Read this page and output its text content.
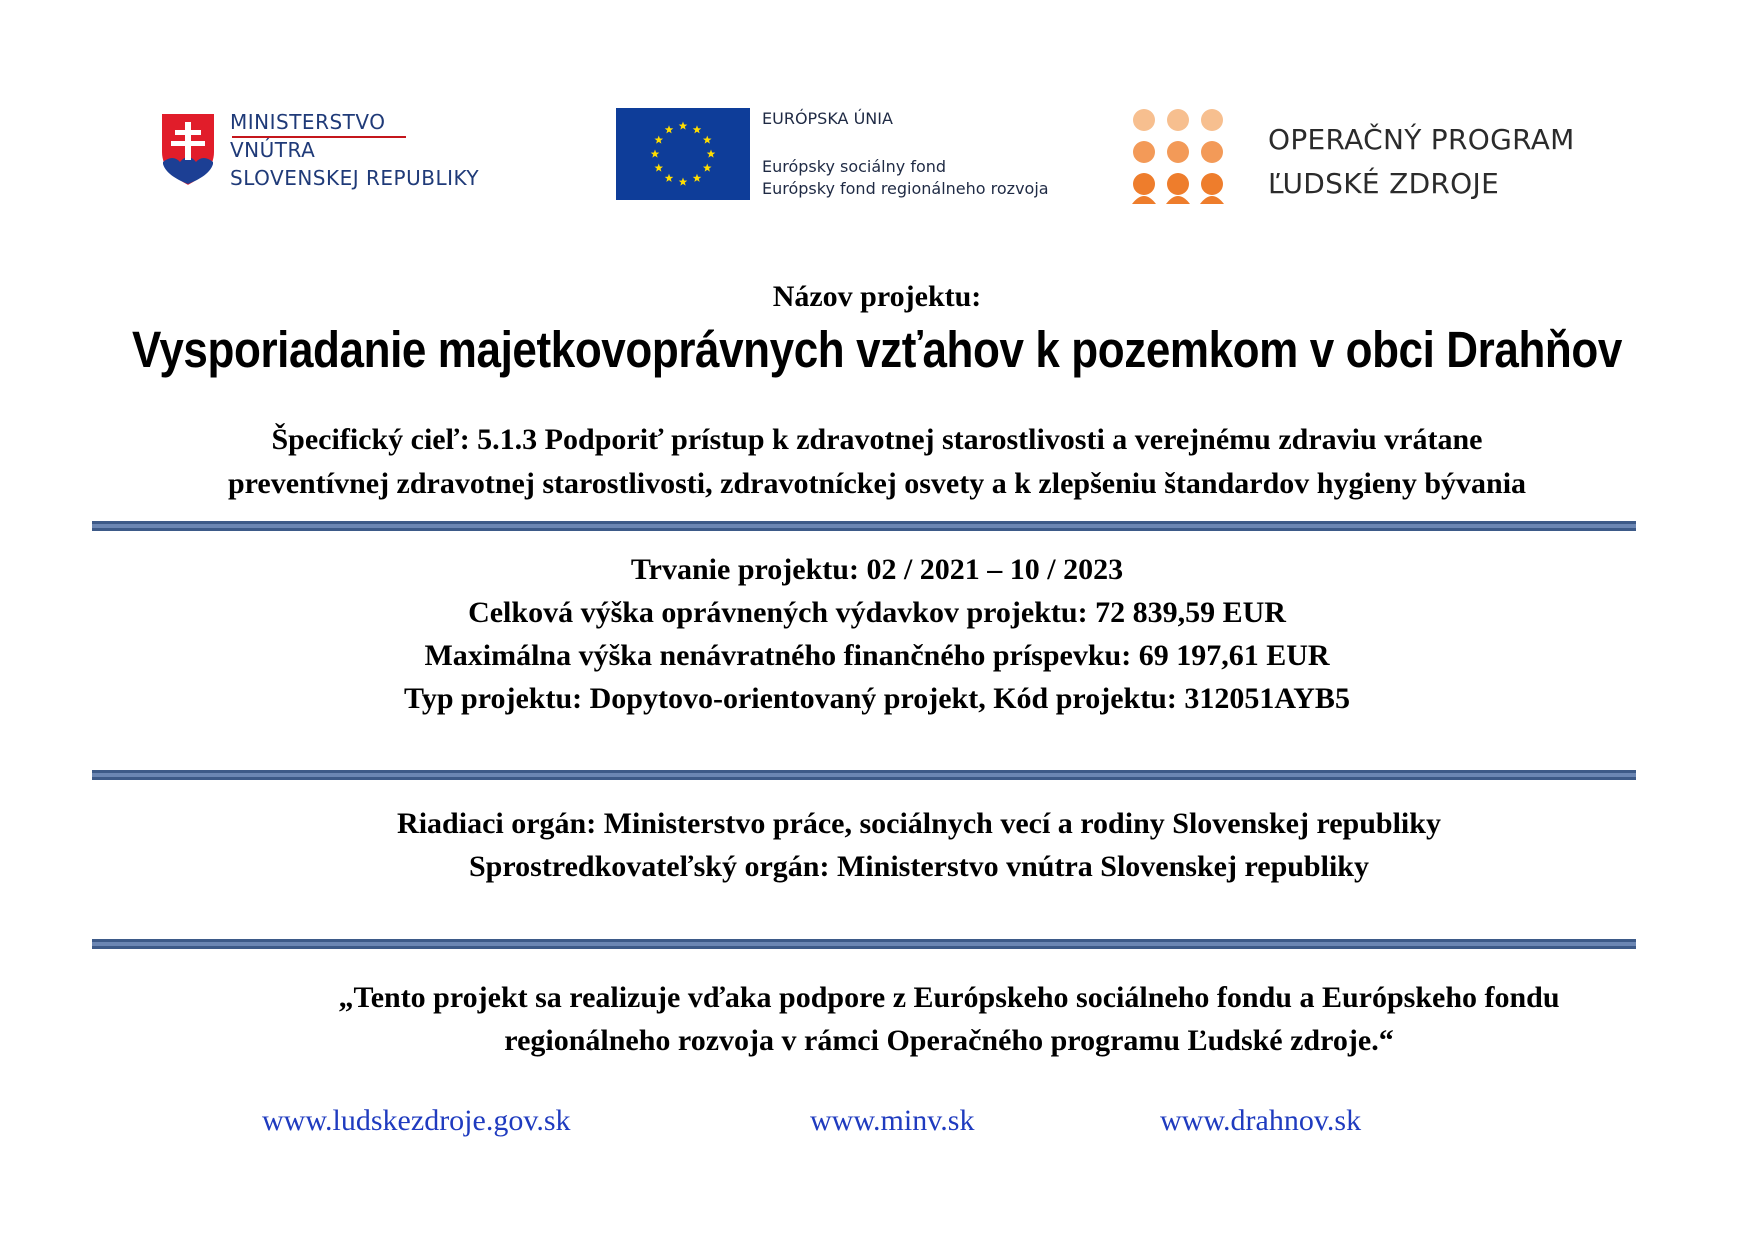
MINISTERSTVO
VNÚTRA
SLOVENSKEJ REPUBLIKY
EURÓPSKA ÚNIA
Európsky sociálny fond
Európsky fond regionálneho rozvoja
OPERAČNÝ PROGRAM
ĽUDSKÉ ZDROJE
Názov projektu:
Vysporiadanie majetkovoprávnych vzťahov k pozemkom v obci Drahňov
Špecifický cieľ: 5.1.3 Podporiť prístup k zdravotnej starostlivosti a verejnému zdraviu vrátane
preventívnej zdravotnej starostlivosti, zdravotníckej osvety a k zlepšeniu štandardov hygieny bývania
Trvanie projektu: 02 / 2021 – 10 / 2023
Celková výška oprávnených výdavkov projektu: 72 839,59 EUR
Maximálna výška nenávratného finančného príspevku: 69 197,61 EUR
Typ projektu: Dopytovo-orientovaný projekt, Kód projektu: 312051AYB5
Riadiaci orgán: Ministerstvo práce, sociálnych vecí a rodiny Slovenskej republiky
Sprostredkovateľský orgán: Ministerstvo vnútra Slovenskej republiky
„Tento projekt sa realizuje vďaka podpore z Európskeho sociálneho fondu a Európskeho fondu
regionálneho rozvoja v rámci Operačného programu Ľudské zdroje.“
www.ludskezdroje.gov.sk	www.minv.sk	www.drahnov.sk
